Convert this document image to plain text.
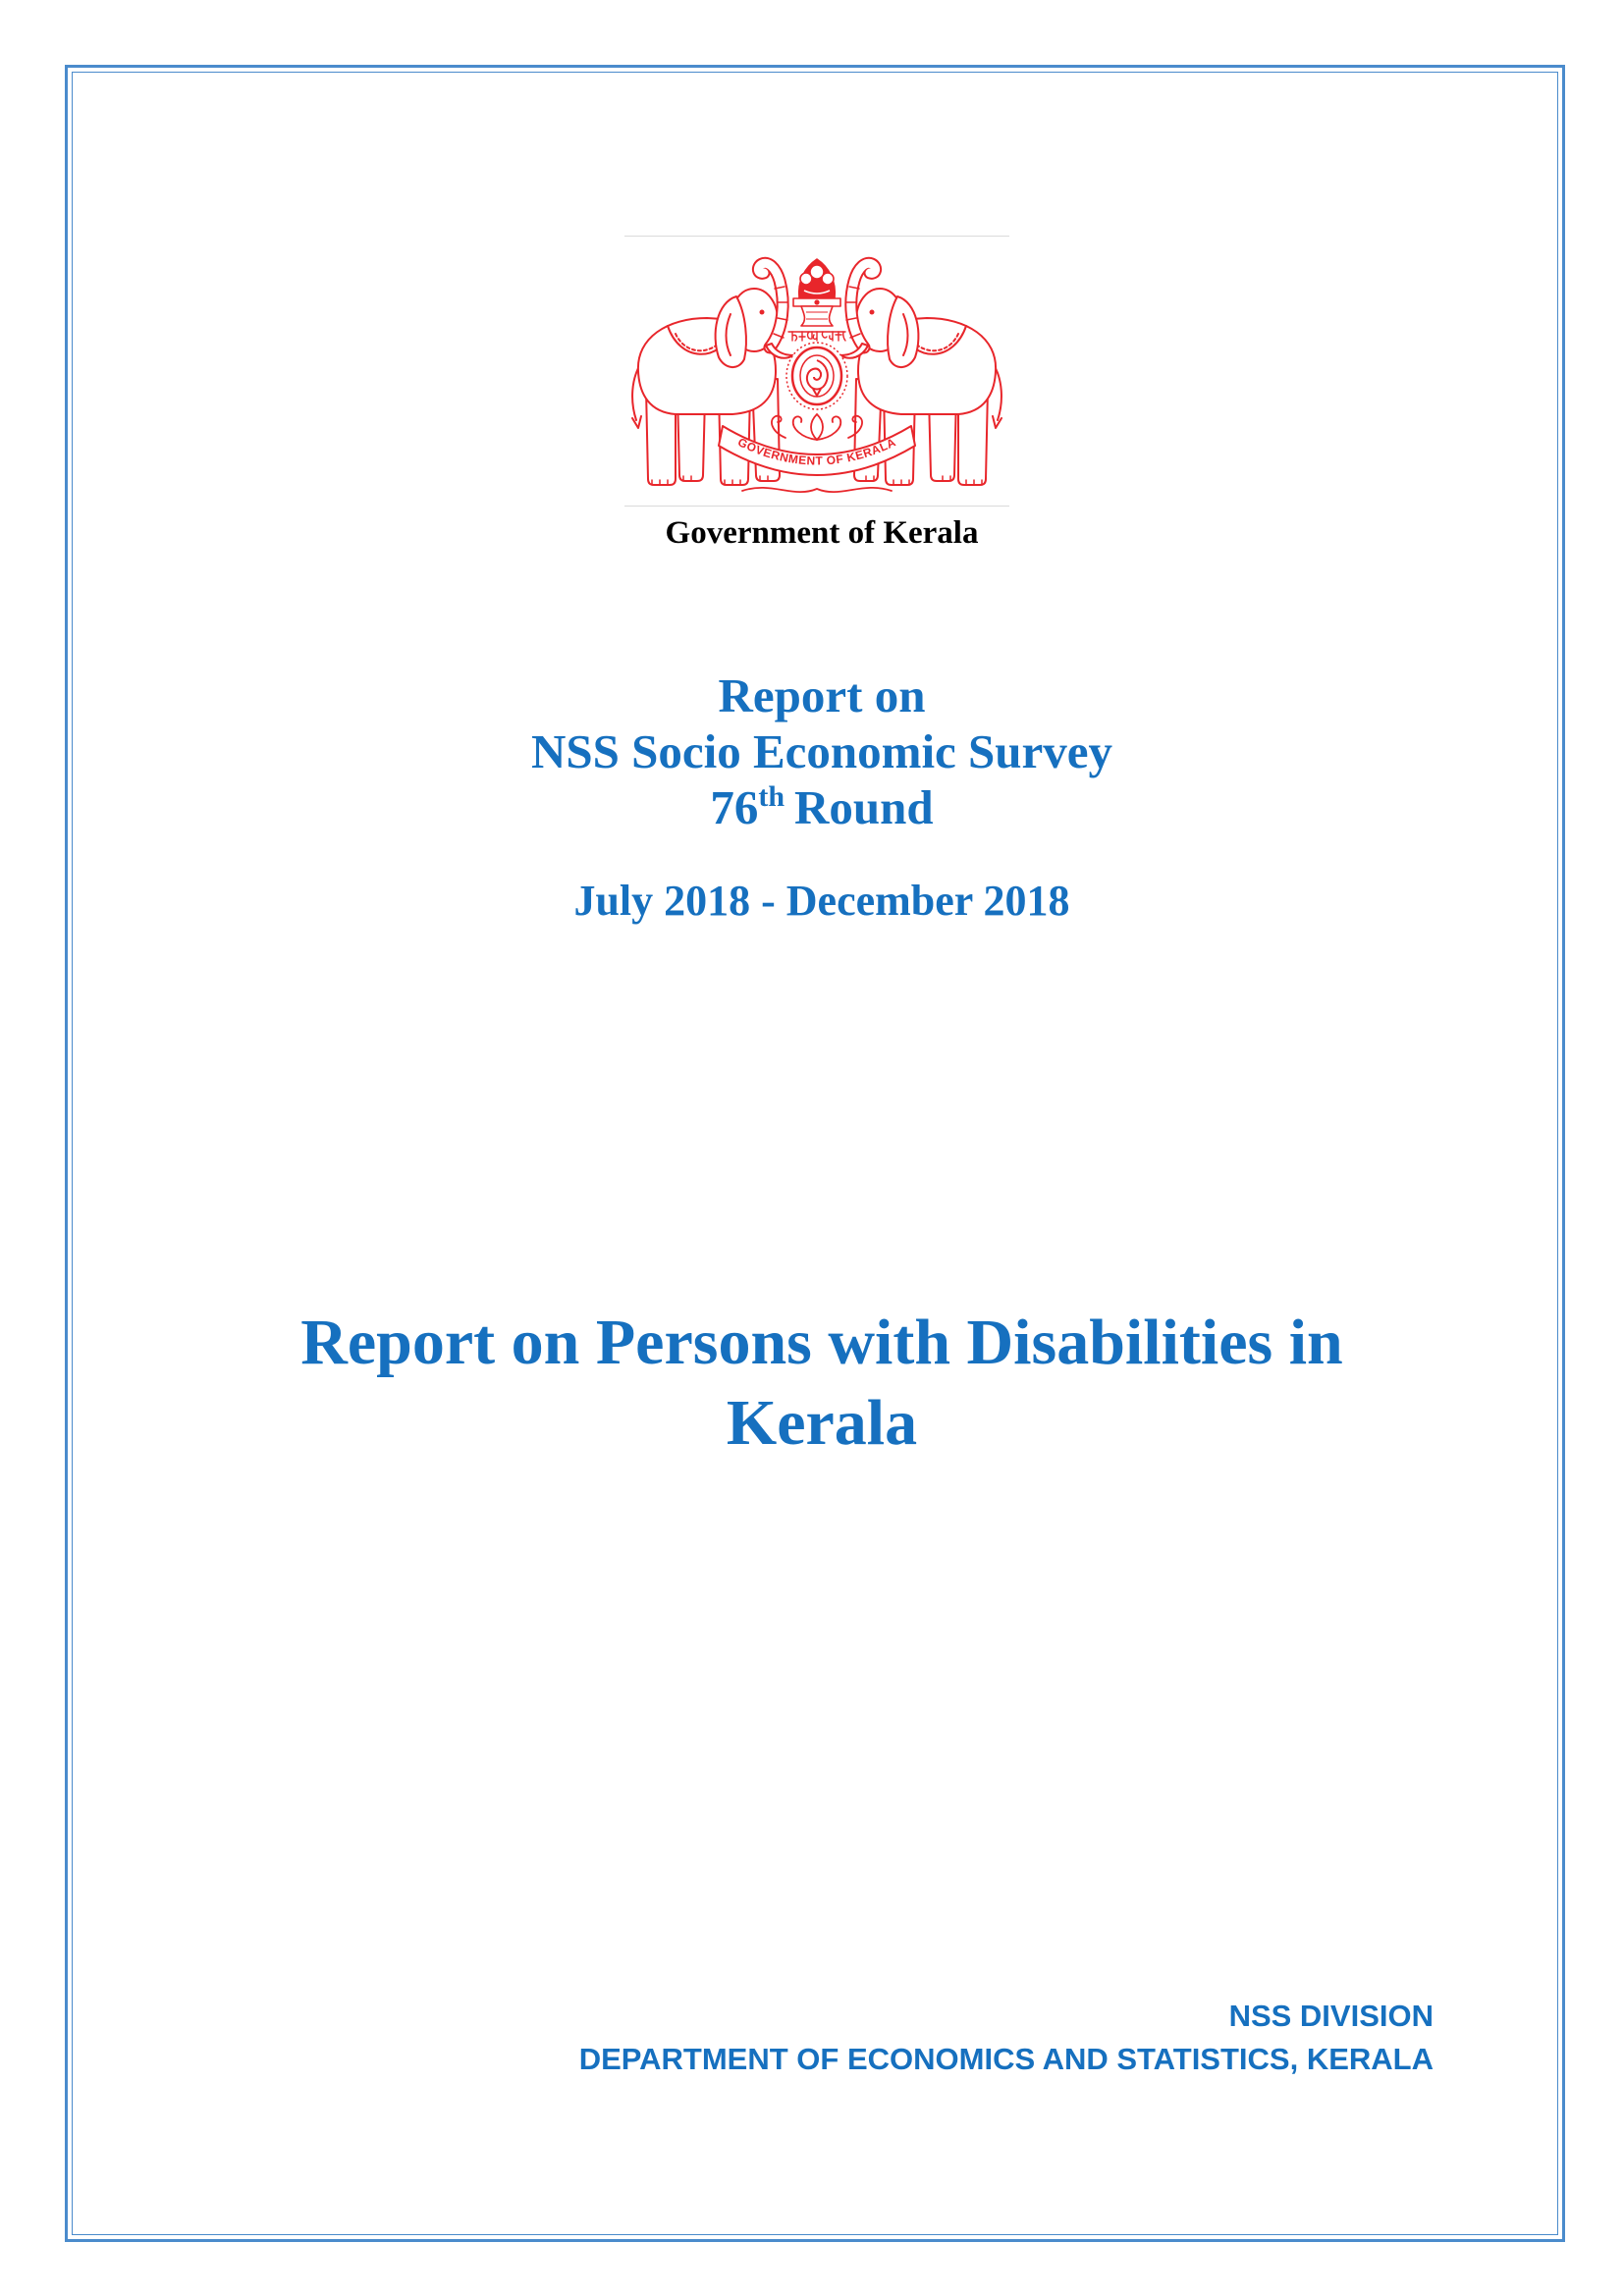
GOVERNMENT OF KERALA
Government of Kerala
Report on
NSS Socio Economic Survey
76th Round
July 2018 - December 2018
Report on Persons with Disabilities in
Kerala
NSS DIVISION
DEPARTMENT OF ECONOMICS AND STATISTICS, KERALA
